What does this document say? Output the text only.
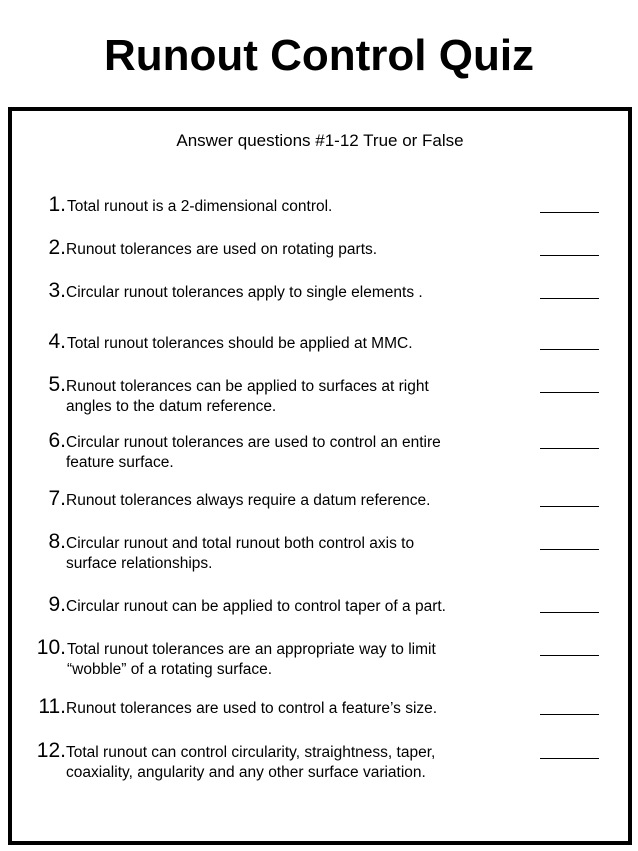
Runout Control Quiz
Answer questions #1-12 True or False
1. Total runout is a 2-dimensional control.
2. Runout tolerances are used on rotating parts.
3. Circular runout tolerances apply to single elements .
4. Total runout tolerances should be applied at MMC.
5. Runout tolerances can be applied to surfaces at right
angles to the datum reference.
6. Circular runout tolerances are used to control an entire
feature surface.
7. Runout tolerances always require a datum reference.
8. Circular runout and total runout both control axis to
surface relationships.
9. Circular runout can be applied to control taper of a part.
10. Total runout tolerances are an appropriate way to limit
“wobble” of a rotating surface.
11. Runout tolerances are used to control a feature’s size.
12. Total runout can control circularity, straightness, taper,
coaxiality, angularity and any other surface variation.
